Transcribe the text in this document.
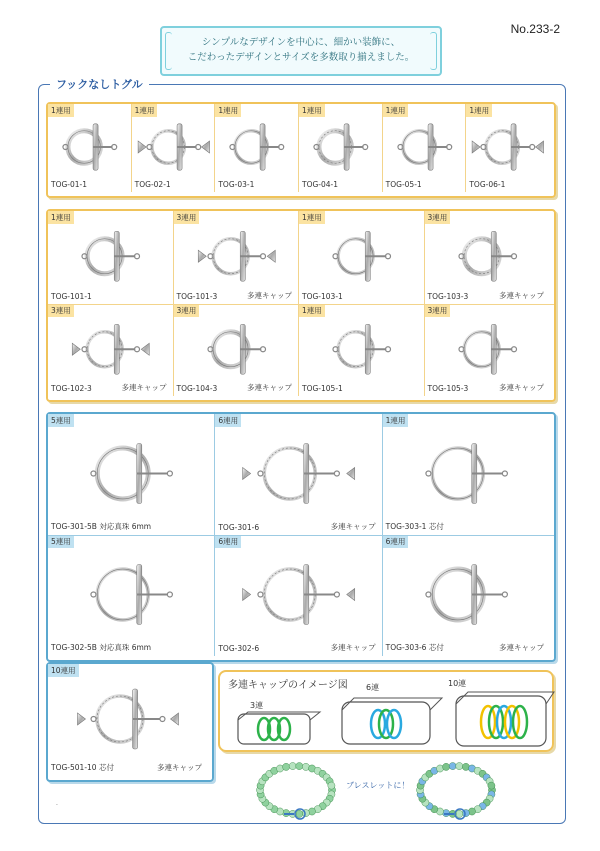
No.233-2
シンプルなデザインを中心に、細かい装飾に、
こだわったデザインとサイズを多数取り揃えました。
フックなしトグル
1連用
TOG-01-1
1連用
TOG-02-1
1連用
TOG-03-1
1連用
TOG-04-1
1連用
TOG-05-1
1連用
TOG-06-1
1連用
TOG-101-1
3連用
TOG-101-3	多連キャップ
1連用
TOG-103-1
3連用
TOG-103-3	多連キャップ
3連用
TOG-102-3	多連キャップ
3連用
TOG-104-3	多連キャップ
1連用
TOG-105-1
3連用
TOG-105-3	多連キャップ
5連用
TOG-301-5B 対応真珠 6mm
6連用
TOG-301-6	多連キャップ
1連用
TOG-303-1 芯付
5連用
TOG-302-5B 対応真珠 6mm
6連用
TOG-302-6	多連キャップ
6連用
TOG-303-6 芯付	多連キャップ
10連用
TOG-501-10 芯付	多連キャップ
多連キャップのイメージ図
3連
6連	10連
ブレスレットに！
.
